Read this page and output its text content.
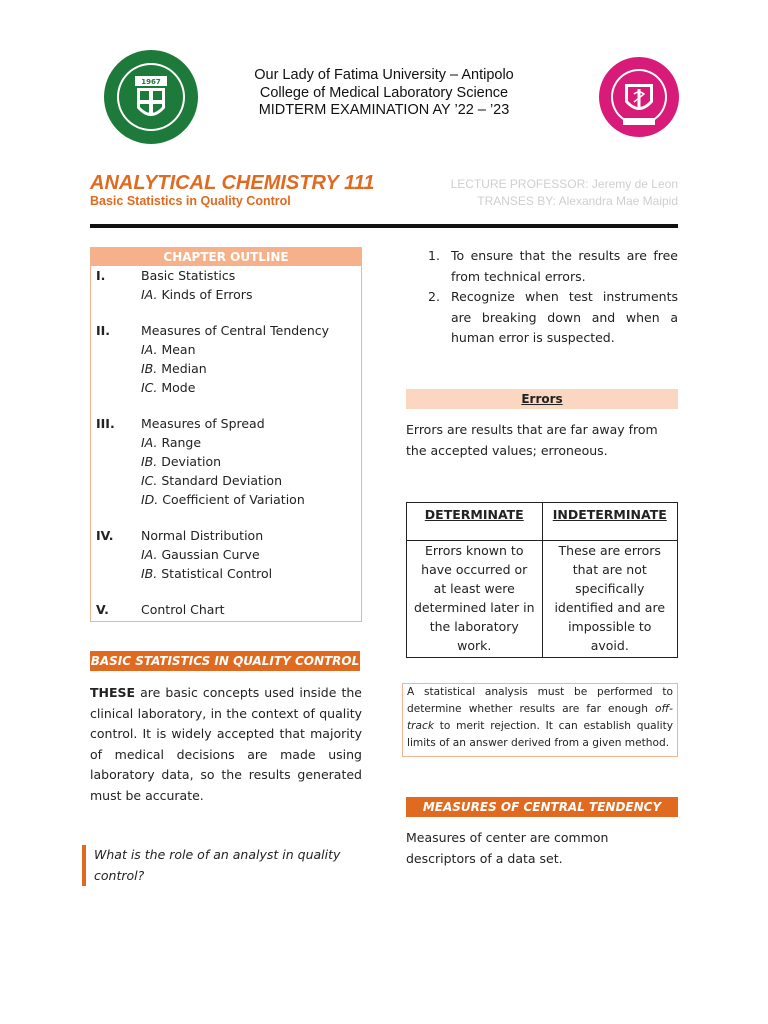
1967	Our Lady of Fatima University – Antipolo
College of Medical Laboratory Science
MIDTERM EXAMINATION AY ’22 – ’23
ANALYTICAL CHEMISTRY 111
Basic Statistics in Quality Control
LECTURE PROFESSOR: Jeremy de Leon
TRANSES BY: Alexandra Mae Maipid
CHAPTER OUTLINE
I.	Basic Statistics
IA. Kinds of Errors
II. Measures of Central Tendency
IA. Mean
IB. Median
IC. Mode
III. Measures of Spread
IA. Range
IB. Deviation
IC. Standard Deviation
ID. Coefficient of Variation
IV. Normal Distribution
IA. Gaussian Curve
IB. Statistical Control
V.	Control Chart
BASIC STATISTICS IN QUALITY CONTROL
THESE are basic concepts used inside the clinical laboratory, in the context of quality control. It is widely accepted that majority of medical decisions are made using laboratory data, so the results generated must be accurate.
What is the role of an analyst in quality control?
1. To ensure that the results are free from technical errors.
2. Recognize when test instruments are breaking down and when a human error is suspected.
Errors
Errors are results that are far away from the accepted values; erroneous.
DETERMINATE	INDETERMINATE
Errors known to have occurred or at least were determined later in the laboratory work.	These are errors that are not specifically identified and are impossible to avoid.
A statistical analysis must be performed to determine whether results are far enough off-track to merit rejection. It can establish quality limits of an answer derived from a given method.
MEASURES OF CENTRAL TENDENCY
Measures of center are common descriptors of a data set.
